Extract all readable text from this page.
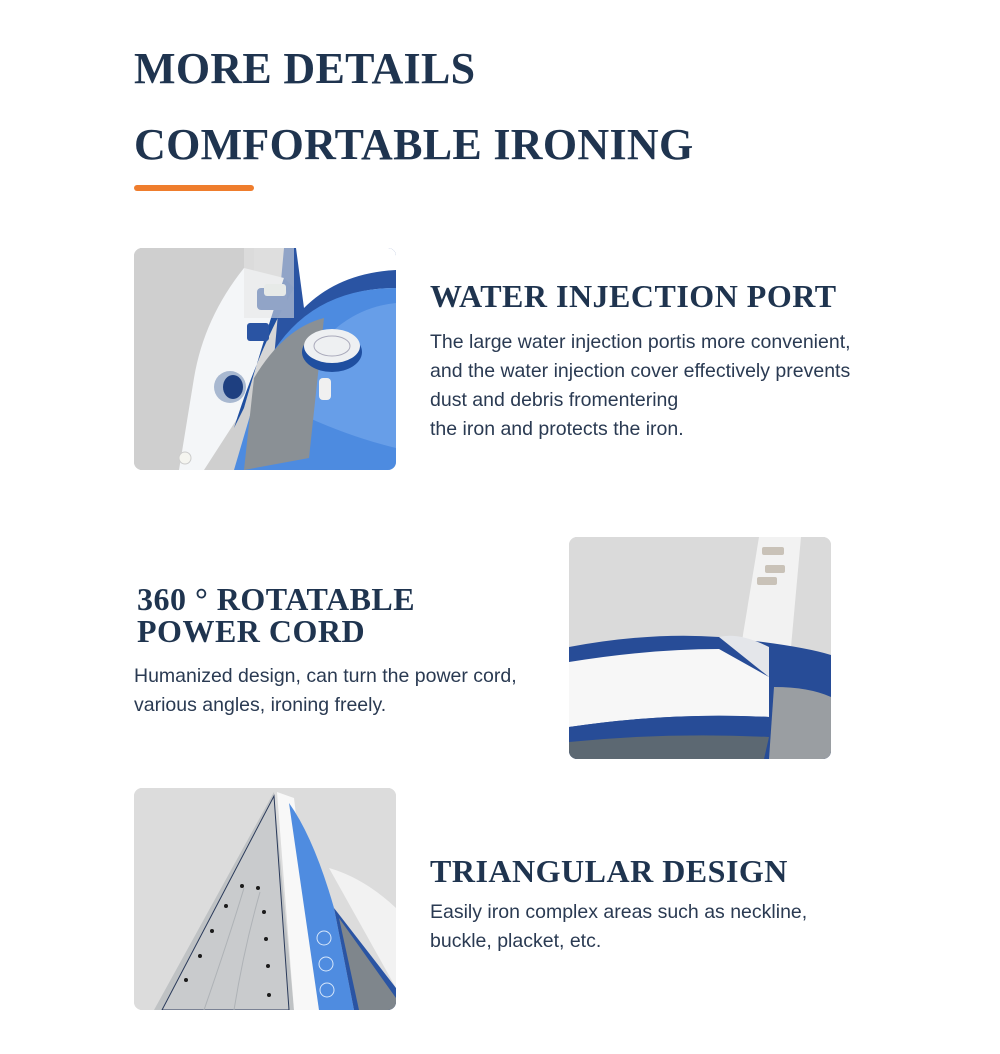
MORE DETAILS
COMFORTABLE IRONING
WATER INJECTION PORT

The large water injection portis more convenient,
and the water injection cover effectively prevents
dust and debris fromentering
the iron and protects the iron.

360 ° ROTATABLE
POWER CORD

Humanized design, can turn the power cord,
various angles, ironing freely.

TRIANGULAR DESIGN

Easily iron complex areas such as neckline,
buckle, placket, etc.
